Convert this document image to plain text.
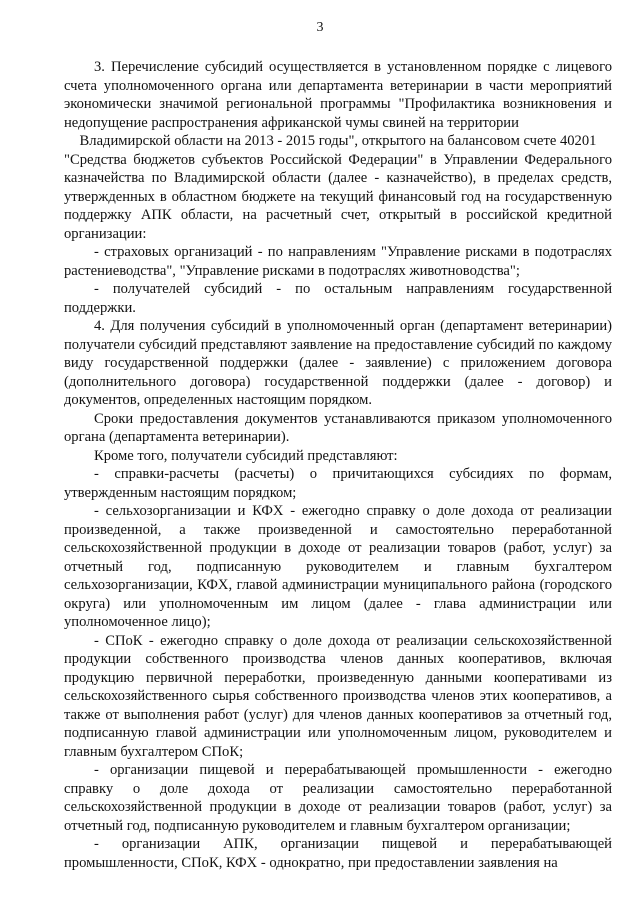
3

3. Перечисление субсидий осуществляется в установленном порядке с лицевого счета уполномоченного органа или департамента ветеринарии в части мероприятий экономически значимой региональной программы "Профилактика возникновения и недопущение распространения африканской чумы свиней на территории

Владимирской области на 2013 - 2015 годы", открытого на балансовом счете 40201

"Средства бюджетов субъектов Российской Федерации" в Управлении Федерального казначейства по Владимирской области (далее - казначейство), в пределах средств, утвержденных в областном бюджете на текущий финансовый год на государственную поддержку АПК области, на расчетный счет, открытый в российской кредитной организации:

- страховых организаций - по направлениям "Управление рисками в подотраслях растениеводства", "Управление рисками в подотраслях животноводства";

- получателей субсидий - по остальным направлениям государственной поддержки.

4. Для получения субсидий в уполномоченный орган (департамент ветеринарии) получатели субсидий представляют заявление на предоставление субсидий по каждому виду государственной поддержки (далее - заявление) с приложением договора (дополнительного договора) государственной поддержки (далее - договор) и документов, определенных настоящим порядком.

Сроки предоставления документов устанавливаются приказом уполномоченного органа (департамента ветеринарии).

Кроме того, получатели субсидий представляют:

- справки-расчеты (расчеты) о причитающихся субсидиях по формам, утвержденным настоящим порядком;

- сельхозорганизации и КФХ - ежегодно справку о доле дохода от реализации произведенной, а также произведенной и самостоятельно переработанной сельскохозяйственной продукции в доходе от реализации товаров (работ, услуг) за отчетный год, подписанную руководителем и главным бухгалтером сельхозорганизации, КФХ, главой администрации муниципального района (городского округа) или уполномоченным им лицом (далее - глава администрации или уполномоченное лицо);

- СПоК - ежегодно справку о доле дохода от реализации сельскохозяйственной продукции собственного производства членов данных кооперативов, включая продукцию первичной переработки, произведенную данными кооперативами из сельскохозяйственного сырья собственного производства членов этих кооперативов, а также от выполнения работ (услуг) для членов данных кооперативов за отчетный год, подписанную главой администрации или уполномоченным лицом, руководителем и главным бухгалтером СПоК;

- организации пищевой и перерабатывающей промышленности - ежегодно справку о доле дохода от реализации самостоятельно переработанной сельскохозяйственной продукции в доходе от реализации товаров (работ, услуг) за отчетный год, подписанную руководителем и главным бухгалтером организации;

- организации АПК, организации пищевой и перерабатывающей промышленности, СПоК, КФХ - однократно, при предоставлении заявления на
